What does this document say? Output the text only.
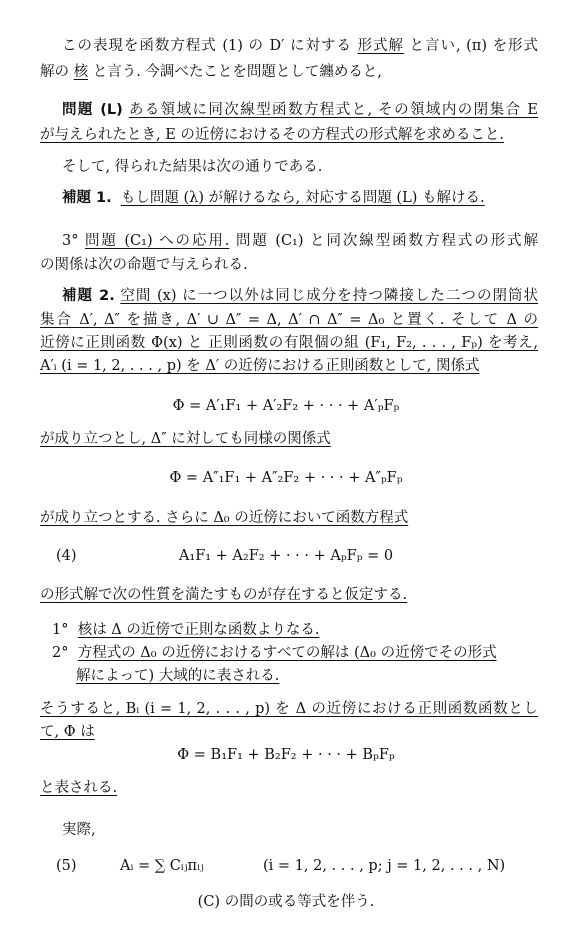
この表現を函数方程式 (1) の D′ に対する 形式解 と言い, (π) を形式
解の 核 と言う. 今調べたことを問題として纏めると,
問題 (L) ある領域に同次線型函数方程式と, その領域内の閉集合 E
が与えられたとき, E の近傍におけるその方程式の形式解を求めること.
そして, 得られた結果は次の通りである.
補題 1. もし問題 (λ) が解けるなら, 対応する問題 (L) も解ける.
3° 問題 (C₁) への応用. 問題 (C₁) と同次線型函数方程式の形式解
の関係は次の命題で与えられる.
補題 2. 空間 (x) に一つ以外は同じ成分を持つ隣接した二つの閉筒状
集合 Δ′, Δ″ を描き, Δ′ ∪ Δ″ = Δ, Δ′ ∩ Δ″ = Δ₀ と置く. そして Δ の
近傍に正則函数 Φ(x) と 正則函数の有限個の組 (F₁, F₂, . . . , Fₚ) を考え,
A′ᵢ (i = 1, 2, . . . , p) を Δ′ の近傍における正則函数として, 関係式
Φ = A′₁F₁ + A′₂F₂ + · · · + A′ₚFₚ
が成り立つとし, Δ″ に対しても同様の関係式
Φ = A″₁F₁ + A″₂F₂ + · · · + A″ₚFₚ
が成り立つとする. さらに Δ₀ の近傍において函数方程式
(4)	A₁F₁ + A₂F₂ + · · · + AₚFₚ = 0
の形式解で次の性質を満たすものが存在すると仮定する.
1° 核は Δ の近傍で正則な函数よりなる.
2° 方程式の Δ₀ の近傍におけるすべての解は (Δ₀ の近傍でその形式
解によって) 大域的に表される.
そうすると, Bᵢ (i = 1, 2, . . . , p) を Δ の近傍における正則函数函数とし
て, Φ は
Φ = B₁F₁ + B₂F₂ + · · · + BₚFₚ
と表される.
実際,
(5)	Aᵢ = ∑ Cᵢⱼπᵢⱼ	(i = 1, 2, . . . , p; j = 1, 2, . . . , N)
(C) の間の或る等式を伴う.
